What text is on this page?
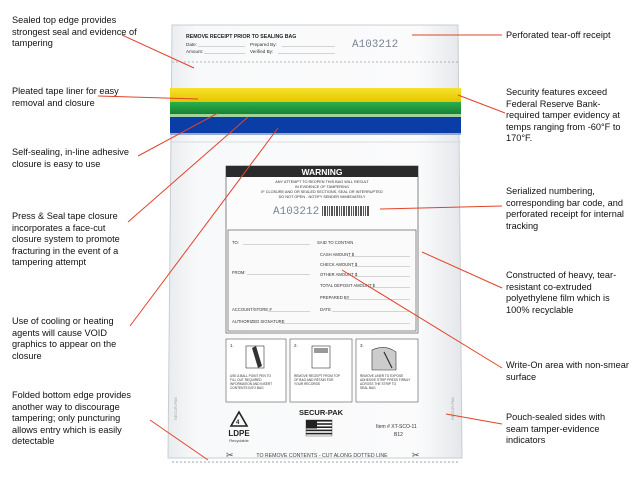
REMOVE RECEIPT PRIOR TO SEALING BAG
Date:	Prepared By:
Amount:	Verified By:
A103212
WARNING
ANY ATTEMPT TO REOPEN THIS BAG WILL RESULT
IN EVIDENCE OF TAMPERING
IF CLOSURE AND OR SEALED SECTIONS, SEAL OR INTERRUPTED
DO NOT OPEN - NOTIFY SENDER IMMEDIATELY
A103212
TO:	SAID TO CONTAIN
CASH AMOUNT $
CHECK AMOUNT $
FROM:	OTHER AMOUNT $
TOTAL DEPOSIT AMOUNT $
PREPARED BY
ACCOUNT/STORE #	DATE
AUTHORIZED SIGNATURE
1.	2.	3.
USE A BALL POINT PEN TO FILL OUT REQUIRED INFORMATION AND INSERT CONTENTS INTO BAG
REMOVE RECEIPT FROM TOP OF BAG AND RETAIN FOR YOUR RECORDS
REMOVE LINER TO EXPOSE ADHESIVE STRIP PRESS FIRMLY ACROSS THE STRIP TO SEAL BAG
4
LDPE
Recyclable
SECUR-PAK
Item # XT-SCO-11
B12
✂	✂
TO REMOVE CONTENTS - CUT ALONG DOTTED LINE
SECUR-PAK	SECUR-PAK
Sealed top edge provides strongest seal and evidence of tampering
Pleated tape liner for easy removal and closure
Self-sealing, in-line adhesive closure is easy to use
Press & Seal tape closure incorporates a face-cut closure system to promote fracturing in the event of a tampering attempt
Use of cooling or heating agents will cause VOID graphics to appear on the closure
Folded bottom edge provides another way to discourage tampering; only puncturing allows entry which is easily detectable
Perforated tear-off receipt
Security features exceed Federal Reserve Bank-required tamper evidency at temps ranging from -60°F to 170°F.
Serialized numbering, corresponding bar code, and perforated receipt for internal tracking
Constructed of heavy, tear-resistant co-extruded polyethylene film which is 100% recyclable
Write-On area with non-smear surface
Pouch-sealed sides with seam tamper-evidence indicators
